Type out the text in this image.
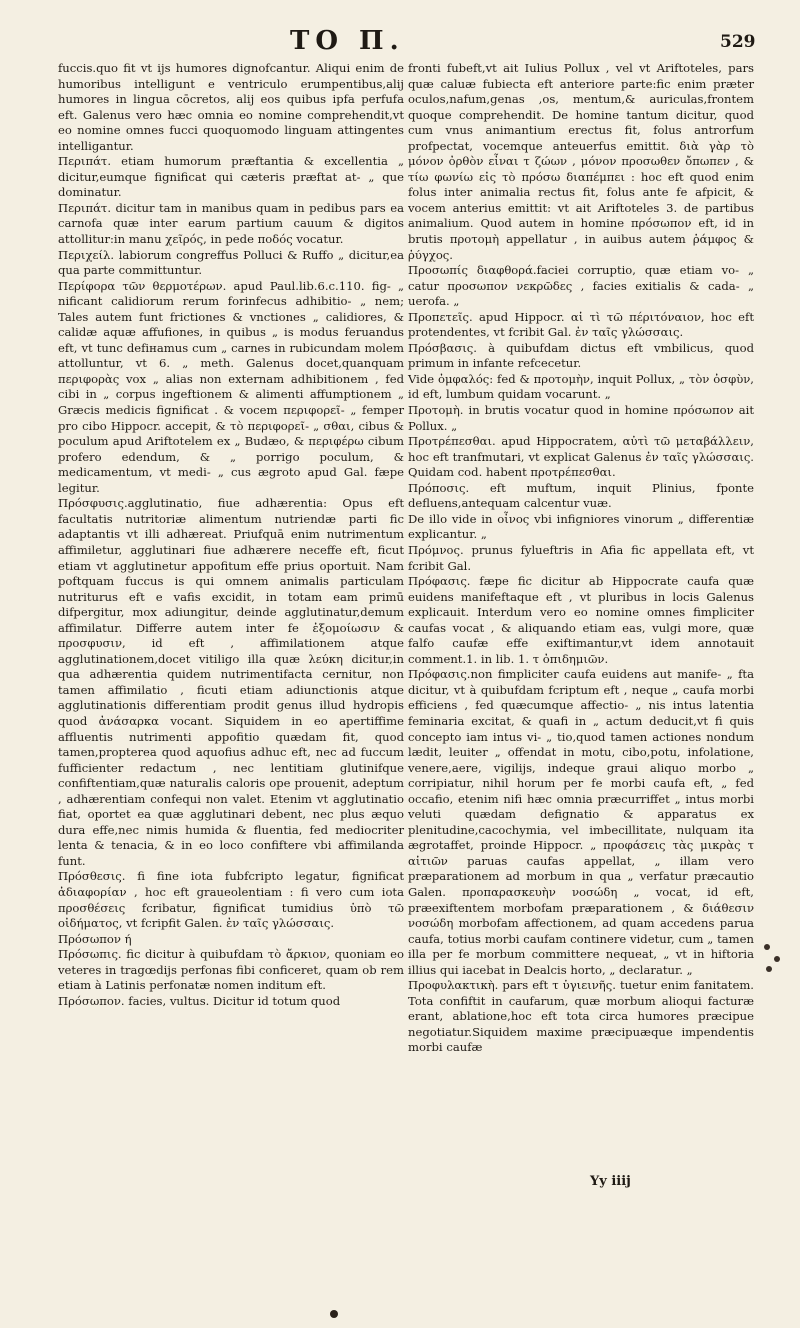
TO Π.	529

fuccis.quo fit vt ijs humores dignofcantur. Aliqui enim de humoribus intelligunt e ventriculo erumpentibus,alij humores in lingua cōcretos, alij eos quibus ipfa perfufa eft. Galenus vero hæc omnia eo nomine comprehendit,vt eo nomine omnes fucci quoquomodo linguam attingentes intelligantur.

Περιπάτ. etiam humorum præftantia & excellentia „ dicitur,eumque fignificat qui cæteris præftat at- „ que dominatur.

Περιπάτ. dicitur tam in manibus quam in pedibus pars ea carnofa quæ inter earum partium cauum & digitos attollitur:in manu χεῖρός, in pede ποδός vocatur.

Περιχείλ. labiorum congreffus Polluci & Ruffo „ dicitur,ea qua parte committuntur.

Περίφορα τῶν θερμοτέρων. apud Paul.lib.6.c.110. fig- „ nificant calidiorum rerum forinfecus adhibitio- „ nem; Tales autem funt frictiones & vnctiones „ calidiores, & calidæ aquæ affufiones, in quibus „ is modus feruandus eft, vt tunc defінamus cum „ carnes in rubicundam molem attolluntur, vt 6. „ meth. Galenus docet,quanquam περιφορὰς vox „ alias non externam adhibitionem , fed cibi in „ corpus ingeftionem & alimenti affumptionem „ Græcis medicis fignificat . & vocem περιφορεῖ- „ femper pro cibo Hippocr. accepit, & τὸ περιφορεῖ- „ σθαι, cibus & poculum apud Ariftotelem ex „ Budæo, & περιφέρω cibum profero edendum, & „ porrigo poculum, & medicamentum, vt medi- „ cus ægroto apud Gal. fæpe legitur.

Πρόσφυσις.agglutinatio, fiue adhærentia: Opus eft facultatis nutritoriæ alimentum nutriendæ parti fic adaptantis vt illi adhæreat. Priufquā enim nutrimentum affimiletur, agglutinari fiue adhærere neceffe eft, ficut etiam vt agglutinetur appofitum effe prius oportuit. Nam poftquam fuccus is qui omnem animalis particulam nutriturus eft e vafis excidit, in totam eam primū difpergitur, mox adiungitur, deinde agglutinatur,demum affimilatur. Differre autem inter fe ἐξομοίωσιν & προσφυσιν, id eft , affimilationem atque agglutinationem,docet vitiligo illa quæ λεύκη dicitur,in qua adhærentia quidem nutrimentifacta cernitur, non tamen affimilatio , ficuti etiam adiunctionis atque agglutinationis differentiam prodit genus illud hydropis quod ἀνάσαρκα vocant. Siquidem in eo apertiffime affluentis nutrimenti appofitio quædam fit, quod tamen,propterea quod aquofius adhuc eft, nec ad fuccum fufficienter redactum , nec lentitiam glutinifque confiftentiam,quæ naturalis caloris ope prouenit, adeptum , adhærentiam confequi non valet. Etenim vt agglutinatio fiat, oportet ea quæ agglutinari debent, nec plus æquo dura effe,nec nimis humida & fluentia, fed mediocriter lenta & tenacia, & in eo loco confiftere vbi affimilanda funt.

Πρόσθεσις. fi fine iota fubfcripto legatur, fignificat ἀδιαφορίαν , hoc eft graueolentiam : fi vero cum iota προσθέσεις fcribatur, fignificat tumidius ὑπὸ τῶ οἰδήματος, vt fcripfit Galen. ἐν ταῖς γλώσσαις.

Πρόσωπον ή

Πρόσωπις. fic dicitur à quibufdam τὸ ἄρκιον, quoniam eo veteres in tragœdijs perfonas fibi conficeret, quam ob rem etiam à Latinis perfonatæ nomen inditum eft.

Πρόσωπον. facies, vultus. Dicitur id totum quod

fronti fubeft,vt ait Iulius Pollux , vel vt Ariftoteles, pars quæ caluæ fubiecta eft anteriore parte:fic enim præter oculos,nafum,genas ,os, mentum,& auriculas,frontem quoque comprehendit. De homine tantum dicitur, quod cum vnus animantium erectus fit, folus antrorfum profpectat, vocemque anteuerfus emittit. διὰ γὰρ τὸ μόνον ὀρθὸν εἶναι τ ζώων , μόνον προσωθεν ὄπωπεν , & τίω φωνίω εἰς τὸ πρόσω διαπέμπει : hoc eft quod enim folus inter animalia rectus fit, folus ante fe afpicit, & vocem anterius emittit: vt ait Ariftoteles 3. de partibus animalium. Quod autem in homine πρόσωπον eft, id in brutis προτομὴ appellatur , in auibus autem ῥάμφος & ῥύγχος.

Προσωπίς διαφθορά.faciei corruptio, quæ etiam vo- „ catur προσωπον νεκρῶδες , facies exitialis & cada- „ uerofa. „

Προπετεῖς. apud Hippocr. αἱ τὶ τῶ πέριτόναιον, hoc eft protendentes, vt fcribit Gal. ἐν ταῖς γλώσσαις.

Πρόσβασις. à quibufdam dictus eft vmbilicus, quod primum in infante refcecetur.

Vide ὀμφαλός: fed & προτομὴν, inquit Pollux, „ τὸν ὀσφὺν, id eft, lumbum quidam vocarunt. „

Προτομὴ. in brutis vocatur quod in homine πρόσωπον ait Pollux. „

Προτρέπεσθαι. apud Hippocratem, αὐτὶ τῶ μεταβάλλειν, hoc eft tranfmutari, vt explicat Galenus ἐν ταῖς γλώσσαις. Quidam cod. habent προτρέπεσθαι.

Πρόποσις. eft muftum, inquit Plinius, fponte defluens,antequam calcentur vuæ.

De illo vide in οἶνος vbi infigniores vinorum „ differentiæ explicantur. „

Πρόμνος. prunus fylueftris in Afia fic appellata eft, vt fcribit Gal.

Πρόφασις. fæpe fic dicitur ab Hippocrate caufa quæ euidens manifeftaque eft , vt pluribus in locis Galenus explicauit. Interdum vero eo nomine omnes fimpliciter caufas vocat , & aliquando etiam eas, vulgi more, quæ falfo caufæ effe exiftimantur,vt idem annotauit comment.1. in lib. 1. τ ὀπιδημιῶν.

Πρόφασις.non fimpliciter caufa euidens aut manife- „ fta dicitur, vt à quibufdam fcriptum eft , neque „ caufa morbi efficiens , fed quæcumque affectio- „ nis intus latentia feminaria excitat, & quafi in „ actum deducit,vt fi quis concepto iam intus vi- „ tio,quod tamen actiones nondum lædit, leuiter „ offendat in motu, cibo,potu, infolatione, venere,aere, vigilijs, indeque graui aliquo morbo „ corripiatur, nihil horum per fe morbi caufa eft, „ fed occafio, etenim nifi hæc omnia præcurriffet „ intus morbi veluti quædam defignatio & apparatus ex plenitudine,cacochymia, vel imbecillitate, nulquam ita ægrotaffet, proinde Hippocr. „ προφάσεις τὰς μικρὰς τ αἰτιῶν paruas caufas appellat, „ illam vero præparationem ad morbum in qua „ verfatur præcautio Galen. προπαρασκευὴν νοσώδη „ vocat, id eft, præexiftentem morbofam præparationem , & διάθεσιν νοσώδη morbofam affectionem, ad quam accedens parua caufa, totius morbi caufam continere videtur, cum „ tamen illa per fe morbum committere nequeat, „ vt in hiftoria illius qui iacebat in Dealcis horto, „ declaratur. „

Προφυλακτικὴ. pars eft τ ὑγιεινῆς. tuetur enim fanitatem. Tota confiftit in caufarum, quæ morbum alioqui facturæ erant, ablatione,hoc eft tota circa humores præcipue negotiatur.Siquidem maxime præcipuæque impendentis morbi caufæ

Yy iiij
